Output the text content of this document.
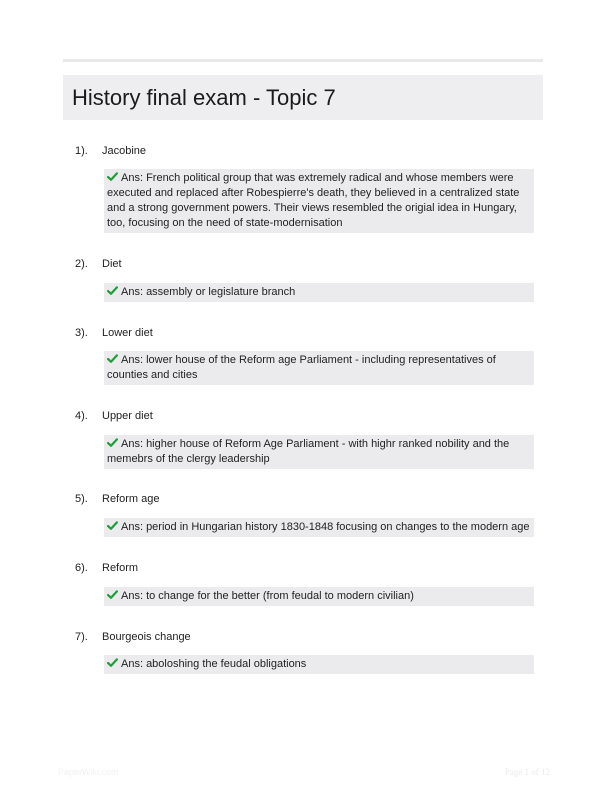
History final exam - Topic 7
1). Jacobine
Ans: French political group that was extremely radical and whose members were executed and replaced after Robespierre's death, they believed in a centralized state and a strong government powers. Their views resembled the origial idea in Hungary, too, focusing on the need of state-modernisation
2). Diet
Ans: assembly or legislature branch
3). Lower diet
Ans: lower house of the Reform age Parliament - including representatives of counties and cities
4). Upper diet
Ans: higher house of Reform Age Parliament - with highr ranked nobility and the memebrs of the clergy leadership
5). Reform age
Ans: period in Hungarian history 1830-1848 focusing on changes to the modern age
6). Reform
Ans: to change for the better (from feudal to modern civilian)
7). Bourgeois change
Ans: aboloshing the feudal obligations
PaperWiki.com	Page 1 of 12
